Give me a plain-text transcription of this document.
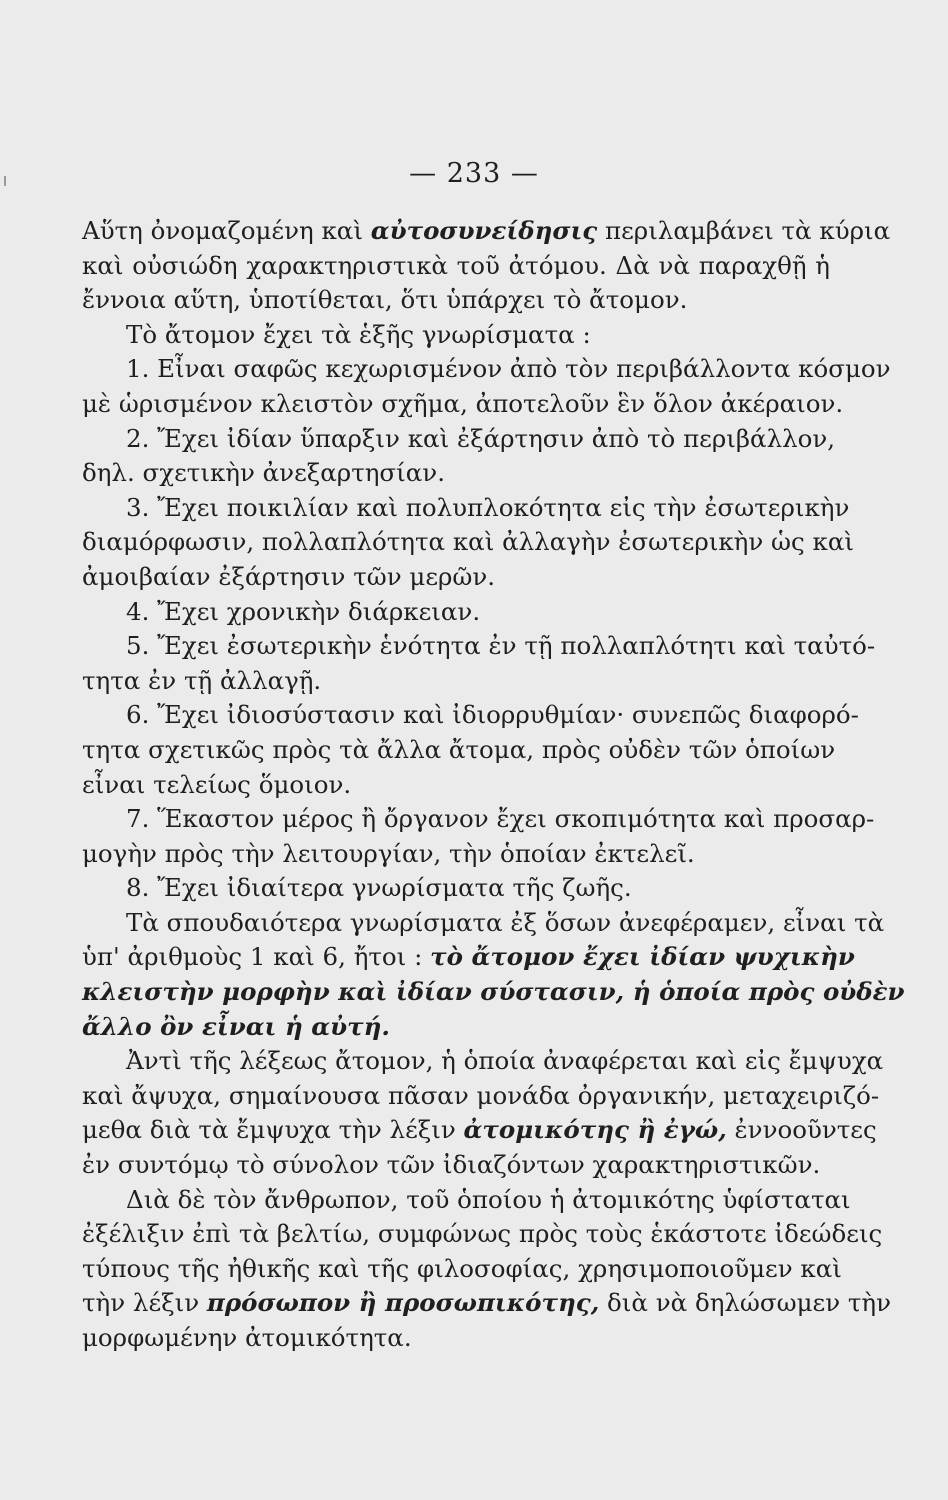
— 233 —
Αὕτη ὀνομαζομένη καὶ αὐτοσυνείδησις περιλαμβάνει τὰ κύρια
καὶ οὐσιώδη χαρακτηριστικὰ τοῦ ἀτόμου. Δὰ νὰ παραχθῇ ἡ
ἔννοια αὕτη, ὑποτίθεται, ὅτι ὑπάρχει τὸ ἄτομον.
Τὸ ἄτομον ἔχει τὰ ἑξῆς γνωρίσματα :
1. Εἶναι σαφῶς κεχωρισμένον ἀπὸ τὸν περιβάλλοντα κόσμον
μὲ ὡρισμένον κλειστὸν σχῆμα, ἀποτελοῦν ἓν ὅλον ἀκέραιον.
2. Ἔχει ἰδίαν ὕπαρξιν καὶ ἐξάρτησιν ἀπὸ τὸ περιβάλλον,
δηλ. σχετικὴν ἀνεξαρτησίαν.
3. Ἔχει ποικιλίαν καὶ πολυπλοκότητα εἰς τὴν ἐσωτερικὴν
διαμόρφωσιν, πολλαπλότητα καὶ ἀλλαγὴν ἐσωτερικὴν ὡς καὶ
ἀμοιβαίαν ἐξάρτησιν τῶν μερῶν.
4. Ἔχει χρονικὴν διάρκειαν.
5. Ἔχει ἐσωτερικὴν ἑνότητα ἐν τῇ πολλαπλότητι καὶ ταὐτό-
τητα ἐν τῇ ἀλλαγῇ.
6. Ἔχει ἰδιοσύστασιν καὶ ἰδιορρυθμίαν· συνεπῶς διαφορό-
τητα σχετικῶς πρὸς τὰ ἄλλα ἄτομα, πρὸς οὐδὲν τῶν ὁποίων
εἶναι τελείως ὅμοιον.
7. Ἕκαστον μέρος ἢ ὄργανον ἔχει σκοπιμότητα καὶ προσαρ-
μογὴν πρὸς τὴν λειτουργίαν, τὴν ὁποίαν ἐκτελεῖ.
8. Ἔχει ἰδιαίτερα γνωρίσματα τῆς ζωῆς.
Τὰ σπουδαιότερα γνωρίσματα ἐξ ὅσων ἀνεφέραμεν, εἶναι τὰ
ὑπ' ἀριθμοὺς 1 καὶ 6, ἤτοι : τὸ ἄτομον ἔχει ἰδίαν ψυχικὴν
κλειστὴν μορφὴν καὶ ἰδίαν σύστασιν, ἡ ὁποία πρὸς οὐδὲν
ἄλλο ὂν εἶναι ἡ αὐτή.
Ἀντὶ τῆς λέξεως ἄτομον, ἡ ὁποία ἀναφέρεται καὶ εἰς ἔμψυχα
καὶ ἄψυχα, σημαίνουσα πᾶσαν μονάδα ὀργανικήν, μεταχειριζό-
μεθα διὰ τὰ ἔμψυχα τὴν λέξιν ἀτομικότης ἢ ἐγώ, ἐννοοῦντες
ἐν συντόμῳ τὸ σύνολον τῶν ἰδιαζόντων χαρακτηριστικῶν.
Διὰ δὲ τὸν ἄνθρωπον, τοῦ ὁποίου ἡ ἀτομικότης ὑφίσταται
ἐξέλιξιν ἐπὶ τὰ βελτίω, συμφώνως πρὸς τοὺς ἑκάστοτε ἰδεώδεις
τύπους τῆς ἠθικῆς καὶ τῆς φιλοσοφίας, χρησιμοποιοῦμεν καὶ
τὴν λέξιν πρόσωπον ἢ προσωπικότης, διὰ νὰ δηλώσωμεν τὴν
μορφωμένην ἀτομικότητα.
